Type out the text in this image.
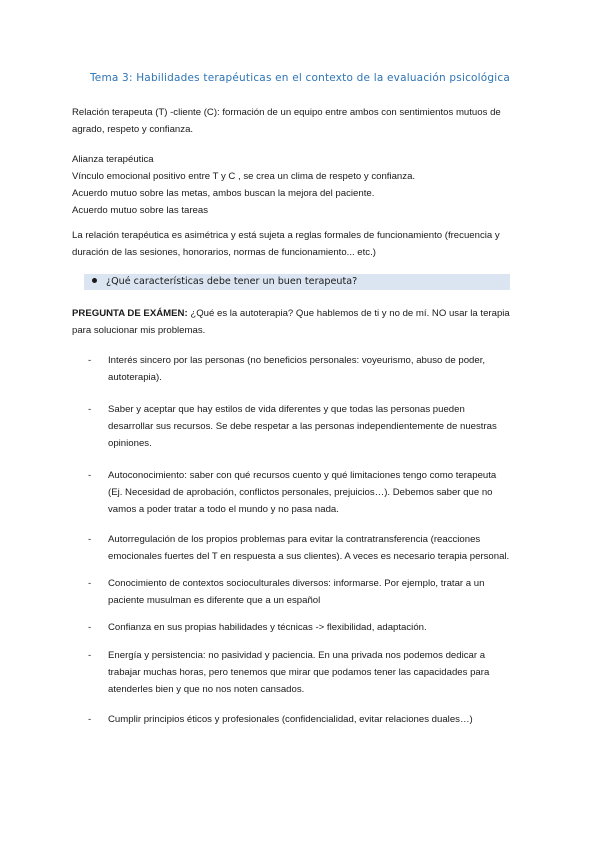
Tema 3: Habilidades terapéuticas en el contexto de la evaluación psicológica
Relación terapeuta (T) -cliente (C): formación de un equipo entre ambos con sentimientos mutuos de
agrado, respeto y confianza.
Alianza terapéutica
Vínculo emocional positivo entre T y C , se crea un clima de respeto y confianza.
Acuerdo mutuo sobre las metas, ambos buscan la mejora del paciente.
Acuerdo mutuo sobre las tareas
La relación terapéutica es asimétrica y está sujeta a reglas formales de funcionamiento (frecuencia y
duración de las sesiones, honorarios, normas de funcionamiento... etc.)
¿Qué características debe tener un buen terapeuta?
PREGUNTA DE EXÁMEN: ¿Qué es la autoterapia? Que hablemos de ti y no de mí. NO usar la terapia
para solucionar mis problemas.
- Interés sincero por las personas (no beneficios personales: voyeurismo, abuso de poder,
autoterapia).
- Saber y aceptar que hay estilos de vida diferentes y que todas las personas pueden
desarrollar sus recursos. Se debe respetar a las personas independientemente de nuestras
opiniones.
- Autoconocimiento: saber con qué recursos cuento y qué limitaciones tengo como terapeuta
(Ej. Necesidad de aprobación, conflictos personales, prejuicios…). Debemos saber que no
vamos a poder tratar a todo el mundo y no pasa nada.
- Autorregulación de los propios problemas para evitar la contratransferencia (reacciones
emocionales fuertes del T en respuesta a sus clientes). A veces es necesario terapia personal.
- Conocimiento de contextos socioculturales diversos: informarse. Por ejemplo, tratar a un
paciente musulman es diferente que a un español
- Confianza en sus propias habilidades y técnicas -> flexibilidad, adaptación.
- Energía y persistencia: no pasividad y paciencia. En una privada nos podemos dedicar a
trabajar muchas horas, pero tenemos que mirar que podamos tener las capacidades para
atenderles bien y que no nos noten cansados.
- Cumplir principios éticos y profesionales (confidencialidad, evitar relaciones duales…)
